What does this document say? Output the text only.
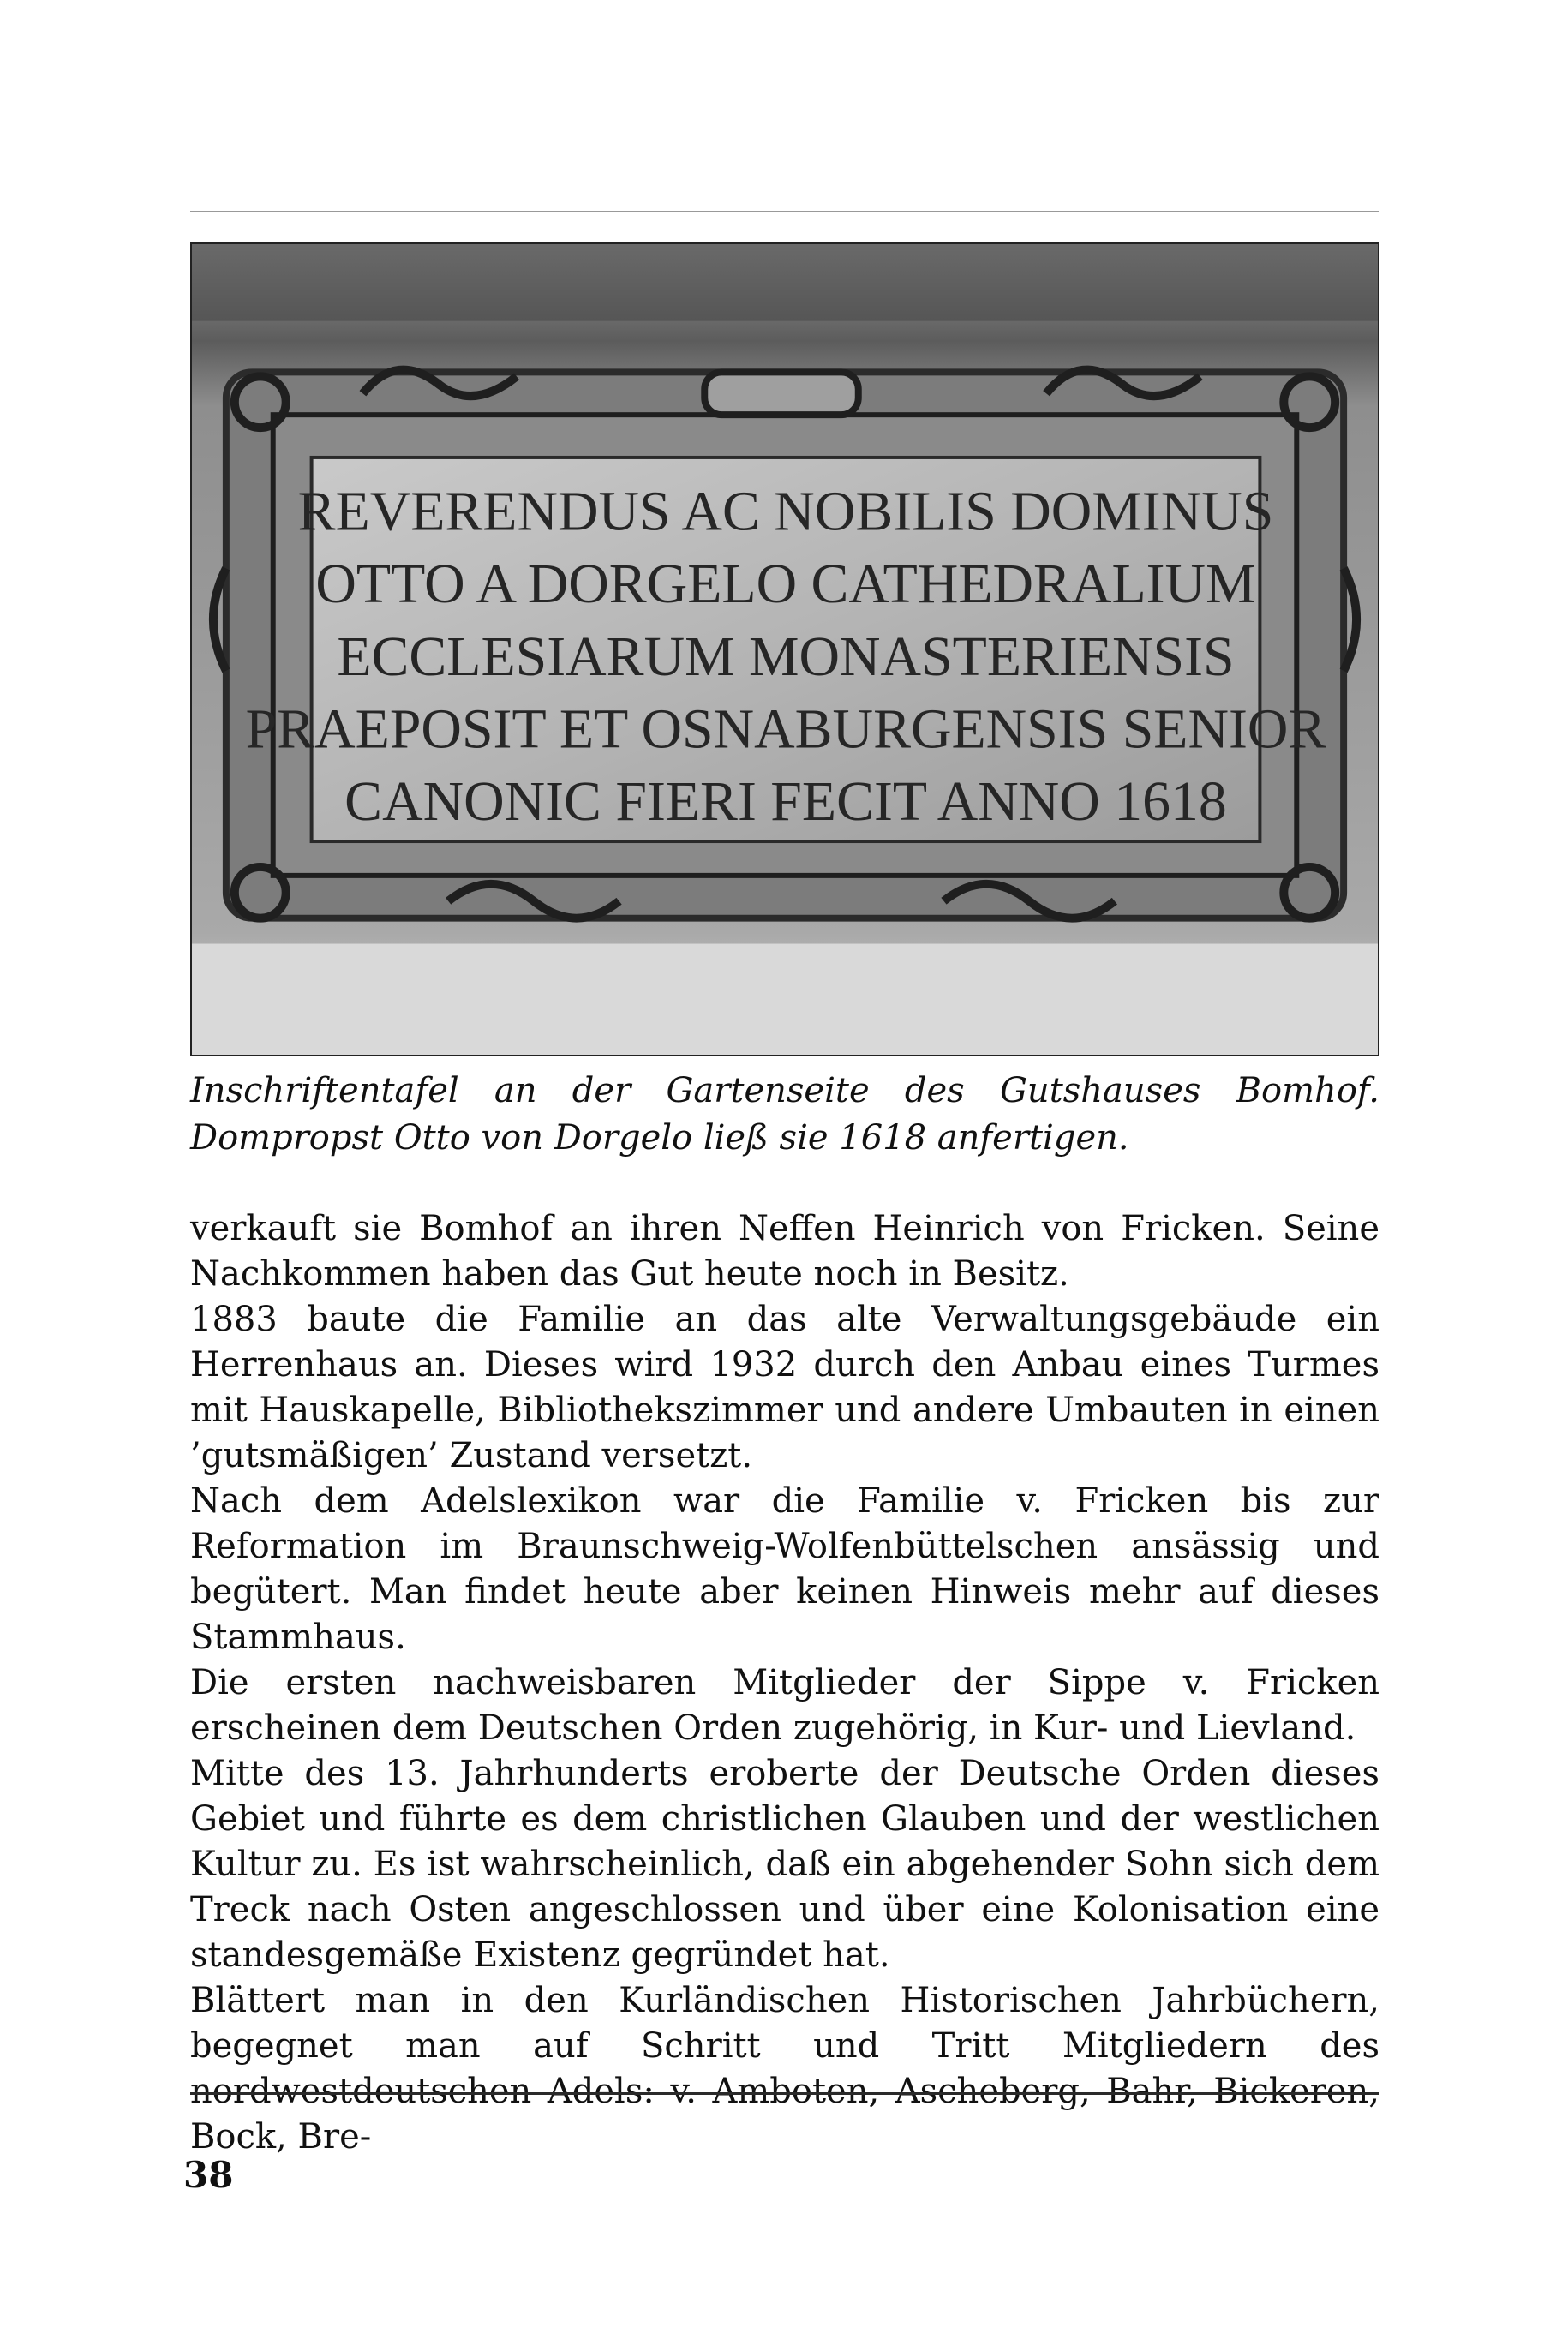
REVERENDUS AC NOBILIS DOMINUS
OTTO A DORGELO CATHEDRALIUM
ECCLESIARUM MONASTERIENSIS
PRAEPOSIT ET OSNABURGENSIS SENIOR
CANONIC FIERI FECIT ANNO 1618

Inschriftentafel an der Gartenseite des Gutshauses Bomhof. Dompropst Otto von Dorgelo ließ sie 1618 anfertigen.

verkauft sie Bomhof an ihren Neffen Heinrich von Fricken. Seine Nachkommen haben das Gut heute noch in Besitz.

1883 baute die Familie an das alte Verwaltungsgebäude ein Herrenhaus an. Dieses wird 1932 durch den Anbau eines Turmes mit Hauskapelle, Bibliothekszimmer und andere Umbauten in einen ’gutsmäßigen’ Zustand versetzt.

Nach dem Adelslexikon war die Familie v. Fricken bis zur Reformation im Braunschweig-Wolfenbüttelschen ansässig und begütert. Man findet heute aber keinen Hinweis mehr auf dieses Stammhaus.

Die ersten nachweisbaren Mitglieder der Sippe v. Fricken erscheinen dem Deutschen Orden zugehörig, in Kur- und Lievland.

Mitte des 13. Jahrhunderts eroberte der Deutsche Orden dieses Gebiet und führte es dem christlichen Glauben und der westlichen Kultur zu. Es ist wahrscheinlich, daß ein abgehender Sohn sich dem Treck nach Osten angeschlossen und über eine Kolonisation eine standesgemäße Existenz gegründet hat.

Blättert man in den Kurländischen Historischen Jahrbüchern, begegnet man auf Schritt und Tritt Mitgliedern des nordwestdeutschen Adels: v. Amboten, Ascheberg, Bahr, Bickeren, Bock, Bre-

38
